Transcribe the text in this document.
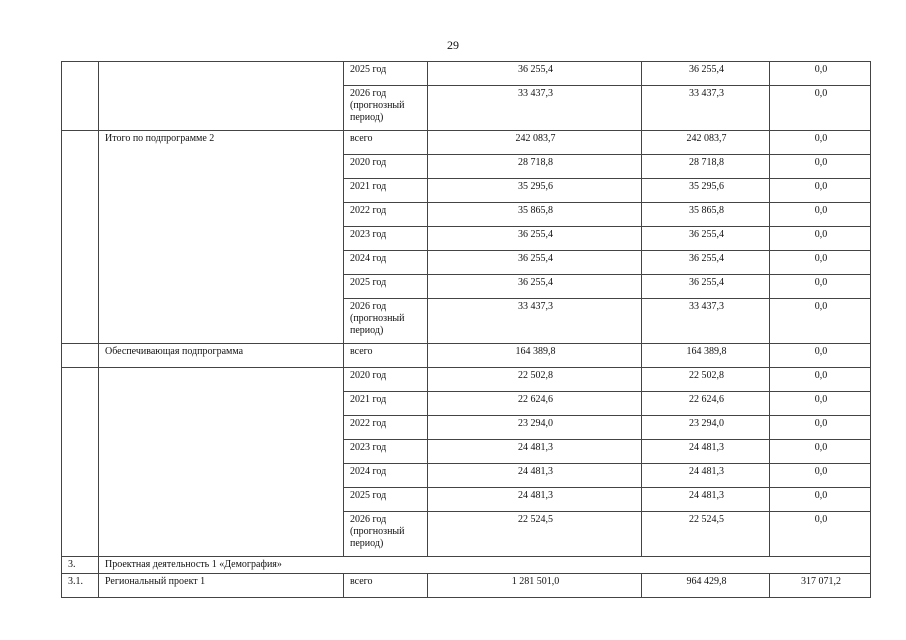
29
		2025 год	36 255,4	36 255,4	0,0
		2026 год (прогнозный период)	33 437,3	33 437,3	0,0
	Итого по подпрограмме 2	всего	242 083,7	242 083,7	0,0
		2020 год	28 718,8	28 718,8	0,0
		2021 год	35 295,6	35 295,6	0,0
		2022 год	35 865,8	35 865,8	0,0
		2023 год	36 255,4	36 255,4	0,0
		2024 год	36 255,4	36 255,4	0,0
		2025 год	36 255,4	36 255,4	0,0
		2026 год (прогнозный период)	33 437,3	33 437,3	0,0
	Обеспечивающая подпрограмма	всего	164 389,8	164 389,8	0,0
		2020 год	22 502,8	22 502,8	0,0
		2021 год	22 624,6	22 624,6	0,0
		2022 год	23 294,0	23 294,0	0,0
		2023 год	24 481,3	24 481,3	0,0
		2024 год	24 481,3	24 481,3	0,0
		2025 год	24 481,3	24 481,3	0,0
		2026 год (прогнозный период)	22 524,5	22 524,5	0,0
3.	Проектная деятельность 1 «Демография»				
3.1.	Региональный проект 1	всего	1 281 501,0	964 429,8	317 071,2
